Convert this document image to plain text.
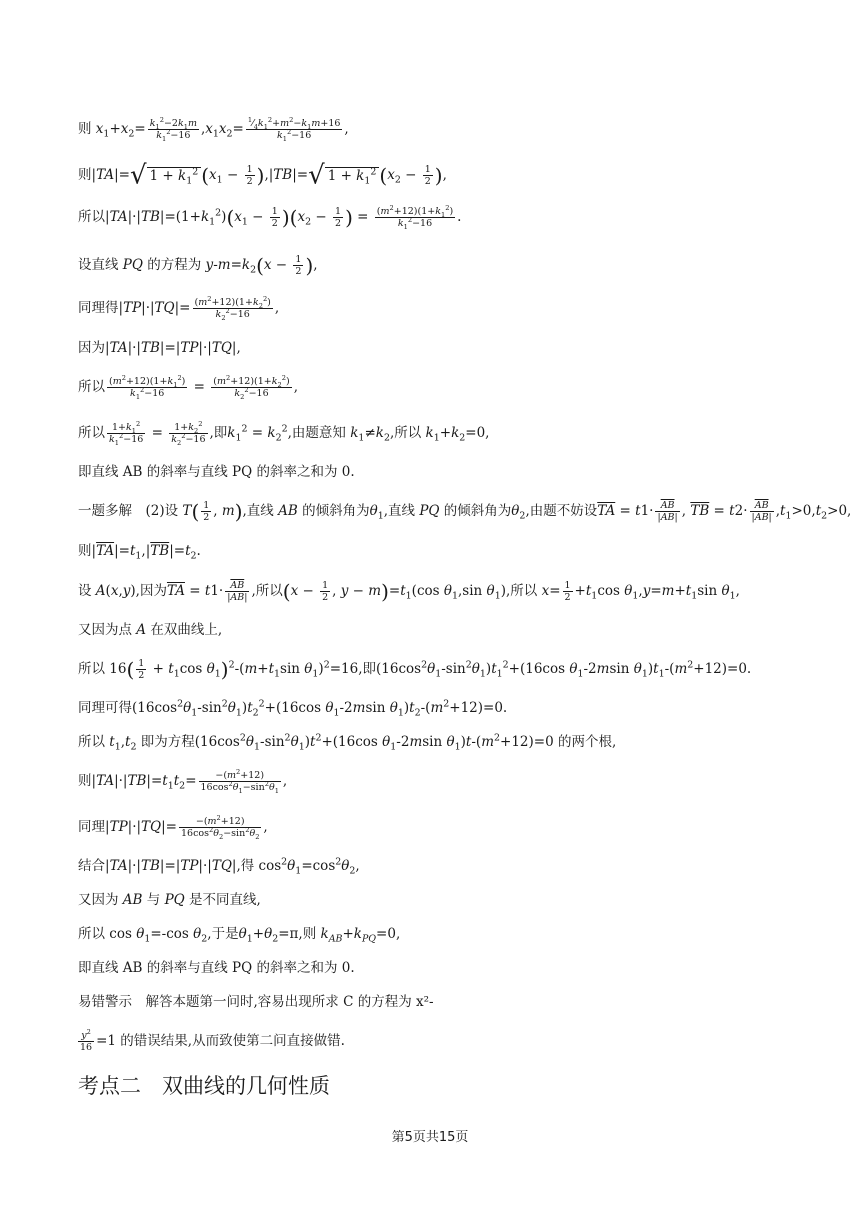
则 $x_1+x_2= \frac{k_1^2-2k_1m}{k_1^2-16} ,x_1x_2= \frac{^1⁄_4k_1^2+m^2-k_1m+16}{k_1^2-16}$ ,
则|TA|=√ $1 + k_1^2$ $(x_1 - \frac{1}{2} ),|TB|=√$ $1 + k_1^2$ ($x_2 - \frac{1}{2}$ ),
所以$|TA|\cdot|TB|=(1+k_1^2)(x_1 - \frac{1}{2} )(x_2 - \frac{1}{2}$ ) = $\frac{(m^2+12)(1+k_1^2)}{k_1^2-16}$ .
设直线 PQ 的方程为 $y-m=k_2(x - \frac{1}{2}$ ),
同理得$|TP|\cdot|TQ|= \frac{(m^2+12)(1+k_2^2)}{k_2^2-16}$ ,
因为|TA|·|TB|=|TP|·|TQ|,
所以 $\frac{(m^2+12)(1+k_1^2)}{k_1^2-16} = \frac{(m^2+12)(1+k_2^2)}{k_2^2-16}$ ,
所以 $\frac{1+k_1^2}{k_1^2-16} = \frac{1+k_2^2}{k_2^2-16}$ ,即$k_1^2 = k_2^2$,由题意知 $k_1\ne k_2$,所以 $k_1+k_2=0$,
即直线 AB 的斜率与直线 PQ 的斜率之和为 0.
一题多解　(2)设 $T( \frac{1}{2}$ , m),直线 AB 的倾斜角为$\theta_1$,直线 PQ 的倾斜角为$\theta_2$,由题不妨设$\overline{TA} = t1\cdot \frac{\overline{AB}}{|\overline{AB}|}$ , $\overline{TB} = t2\cdot \frac{\overline{AB}}{|\overline{AB}|} ,t_1>0,t_2>0$,
则$|\overline{TA}|=t_1,|\overline{TB}|=t_2$.
设 A(x,y),因为$\overline{TA} = t1\cdot \frac{\overline{AB}}{|\overline{AB}|}$ ,所以($x - \frac{1}{2}$ , $y - m)=t_1(\cos$ $\theta_1,\sin$ $\theta_1$),所以 $x= \frac{1}{2} +t_1\cos$ $\theta_1,y=m+t_1\sin$ $\theta_1$,
又因为点 A 在双曲线上,
所以 $16( \frac{1}{2} + t_1\cos$ $\theta_1)^2-(m+t_1\sin$ $\theta_1)^2=16$,即$(16\cos^2\theta_1-\sin^2\theta_1)t_1^2+(16\cos$ $\theta_1-2msin$ $\theta_1)t_1-(m^2+12)=0$.
同理可得$(16\cos^2\theta_1-\sin^2\theta_1)t_2^2+(16\cos$ $\theta_1-2msin$ $\theta_1)t_2-(m^2+12)=0$.
所以 $t_1,t_2$ 即为方程$(16\cos^2\theta_1-\sin^2\theta_1)t^2+(16\cos$ $\theta_1-2msin$ $\theta_1)t-(m^2+12)=0$ 的两个根,
则$|TA|\cdot|TB|=t_1t_2= \frac{-(m^2+12)}{16\cos^2\theta_1-\sin^2\theta_1}$ ,
同理$|TP|\cdot|TQ|= \frac{-(m^2+12)}{16\cos^2\theta_2-\sin^2\theta_2}$ ,
结合|TA|·|TB|=|TP|·|TQ|,得 $\cos^2\theta_1=\cos^2\theta_2$,
又因为 AB 与 PQ 是不同直线,
所以 $\cos \theta_1=-\cos$ $\theta_2$,于是$\theta_1+\theta_2=\pi$,则 $k_{AB}+k_{PQ}=0$,
即直线 AB 的斜率与直线 PQ 的斜率之和为 0.
易错警示　 解答本题第一问时,容易出现所求 C 的方程为 x²-
$\frac{y^2}{16} =1$ 的错误结果,从而致使第二问直接做错.
考点二　双曲线的几何性质
第5页共15页
